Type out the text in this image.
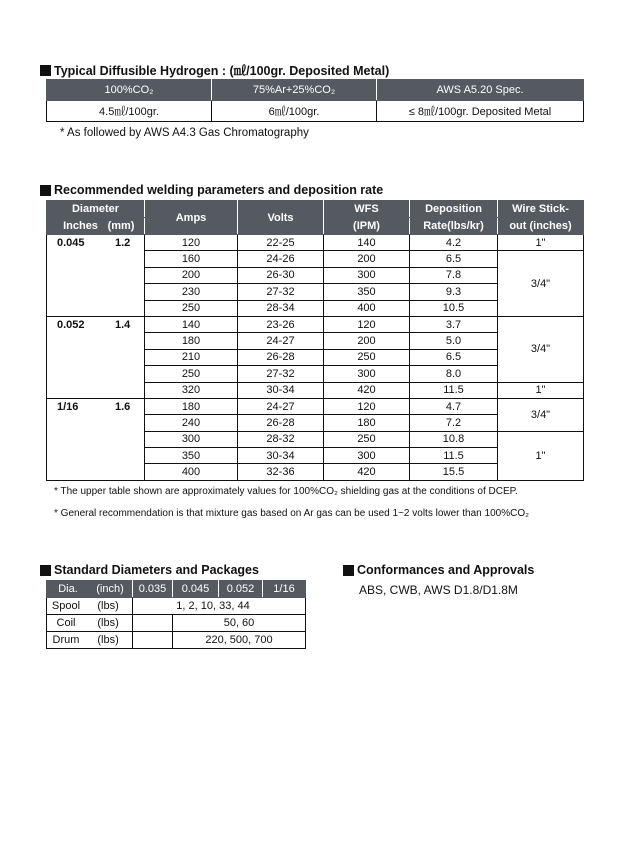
Typical Diffusible Hydrogen : (㎖/100gr. Deposited Metal)
100%CO₂	75%Ar+25%CO₂	AWS A5.20 Spec.
4.5㎖/100gr.	6㎖/100gr.	≤ 8㎖/100gr. Deposited Metal
* As followed by AWS A4.3 Gas Chromatography
Recommended welding parameters and deposition rate
Diameter	Amps	Volts	WFS	Deposition	Wire Stick-
Inches (mm)			(IPM)	Rate(lbs/kr)	out (inches)
0.045 1.2	120	22-25	140	4.2	1"
	160	24-26	200	6.5	3/4"
	200	26-30	300	7.8	
	230	27-32	350	9.3	
	250	28-34	400	10.5	
0.052 1.4	140	23-26	120	3.7	3/4"
	180	24-27	200	5.0	
	210	26-28	250	6.5	
	250	27-32	300	8.0	
	320	30-34	420	11.5	1"
1/16 1.6	180	24-27	120	4.7	3/4"
	240	26-28	180	7.2	
	300	28-32	250	10.8	1"
	350	30-34	300	11.5	
	400	32-36	420	15.5	
* The upper table shown are approximately values for 100%CO₂ shielding gas at the conditions of DCEP.
* General recommendation is that mixture gas based on Ar gas can be used 1~2 volts lower than 100%CO₂
Standard Diameters and Packages
Dia. (inch)	0.035	0.045	0.052	1/16
Spool (lbs)	1, 2, 10, 33, 44			
Coil (lbs)		50, 60		
Drum (lbs)		220, 500, 700		
Conformances and Approvals
ABS, CWB, AWS D1.8/D1.8M
